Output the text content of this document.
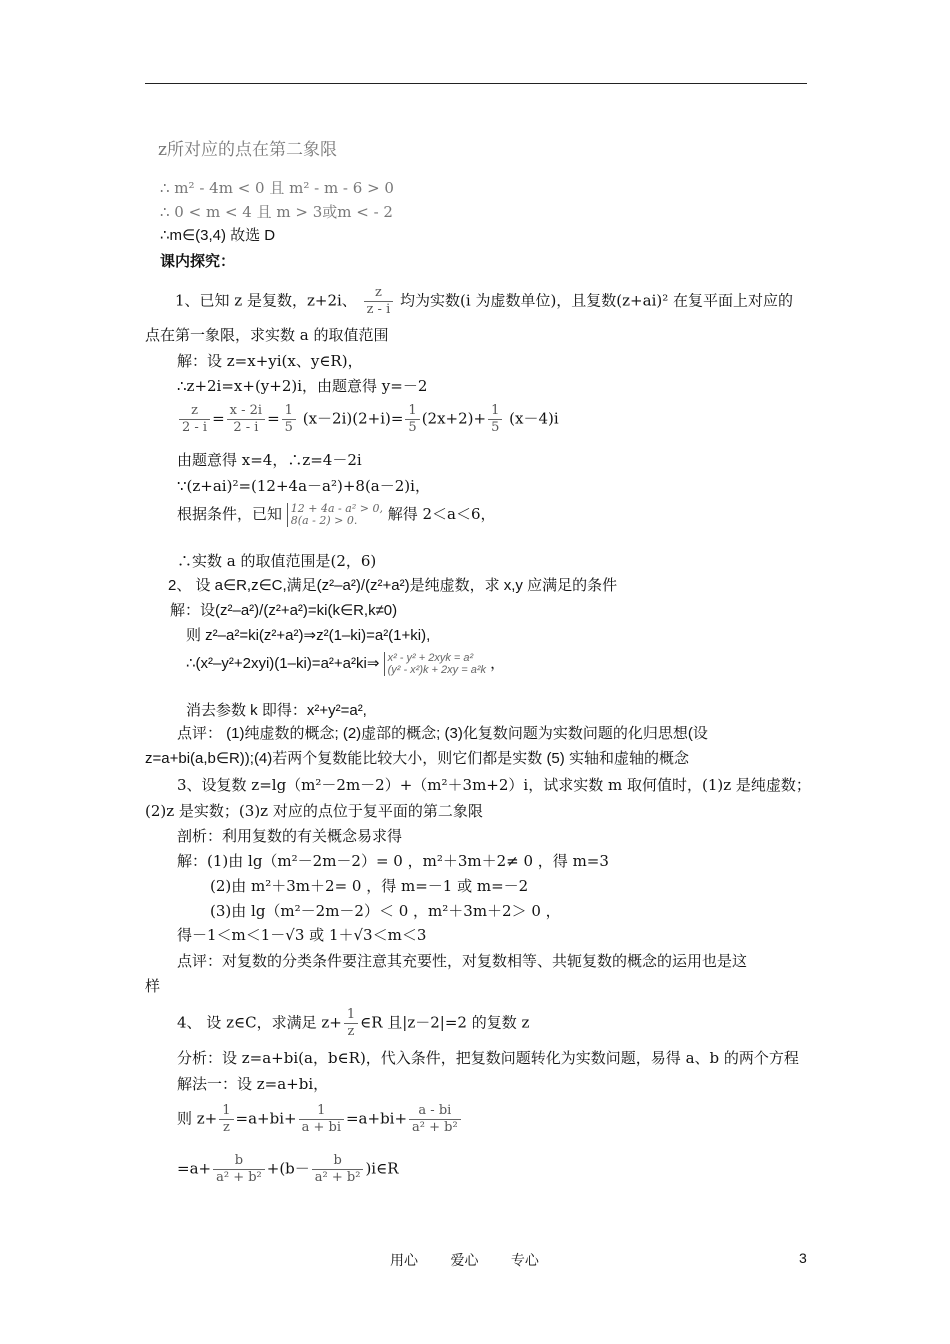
z所对应的点在第二象限
∴ m² - 4m < 0 且 m² - m - 6 > 0
∴ 0 < m < 4 且 m > 3或m < - 2
∴m∈(3,4) 故选 D
课内探究：
1、已知 z 是复数，z+2i、 $\frac{z}{z - i}$ 均为实数(i 为虚数单位)，且复数(z+ai)² 在复平面上对应的
点在第一象限，求实数 a 的取值范围
解：设 z=x+yi(x、y∈R)，
∴z+2i=x+(y+2)i，由题意得 y=－2
$\frac{z}{2 - i} = \frac{x - 2i}{2 - i} = \frac{1}{5} (x-2i)(2+i)= \frac{1}{5} (2x+2)+ \frac{1}{5} (x-4)i$
由题意得 x=4，∴z=4－2i
∵(z+ai)²=(12+4a－a²)+8(a－2)i，
根据条件，已知 12 + 4a - a² > 0,
8(a - 2) > 0.	解得 2＜a＜6，
∴实数 a 的取值范围是(2，6)
2、 设 a∈R,z∈C,满足(z²–a²)/(z²+a²)是纯虚数，求 x,y 应满足的条件
解：设(z²–a²)/(z²+a²)=ki(k∈R,k≠0)
则 z²–a²=ki(z²+a²)⇒z²(1–ki)=a²(1+ki),
∴(x²–y²+2xyi)(1–ki)=a²+a²ki⇒ x² - y² + 2xyk = a²
(y² - x²)k + 2xy = a²k ，
消去参数 k 即得：x²+y²=a²,
点评： (1)纯虚数的概念; (2)虚部的概念; (3)化复数问题为实数问题的化归思想(设
z=a+bi(a,b∈R));(4)若两个复数能比较大小，则它们都是实数 (5) 实轴和虚轴的概念
3、设复数 z=lg（m²－2m－2）+（m²＋3m+2）i，试求实数 m 取何值时，(1)z 是纯虚数；
(2)z 是实数；(3)z 对应的点位于复平面的第二象限
剖析：利用复数的有关概念易求得
解：(1)由 lg（m²－2m－2）= 0 ，m²＋3m＋2≠ 0 ，得 m=3
(2)由 m²＋3m＋2= 0 ，得 m=－1 或 m=－2
(3)由 lg（m²－2m－2）＜ 0 ，m²＋3m＋2＞ 0 ，
得－1＜m＜1－√3 或 1＋√3＜m＜3
点评：对复数的分类条件要注意其充要性，对复数相等、共轭复数的概念的运用也是这
样
4、 设 z∈C，求满足 $z+ \frac{1}{z}$ ∈R 且|z－2|=2 的复数 z
分析：设 z=a+bi(a，b∈R)，代入条件，把复数问题转化为实数问题，易得 a、b 的两个方程
解法一：设 z=a+bi，
则 $z+ \frac{1}{z} =a+bi+ \frac{1}{a + bi} =a+bi+ \frac{a - bi}{\text{a² + b²}}$
$=a+ \frac{b}{\text{a² + b²}} +(b- \frac{b}{\text{a² + b²}}$ )i∈R
用心 爱心 专心	3
